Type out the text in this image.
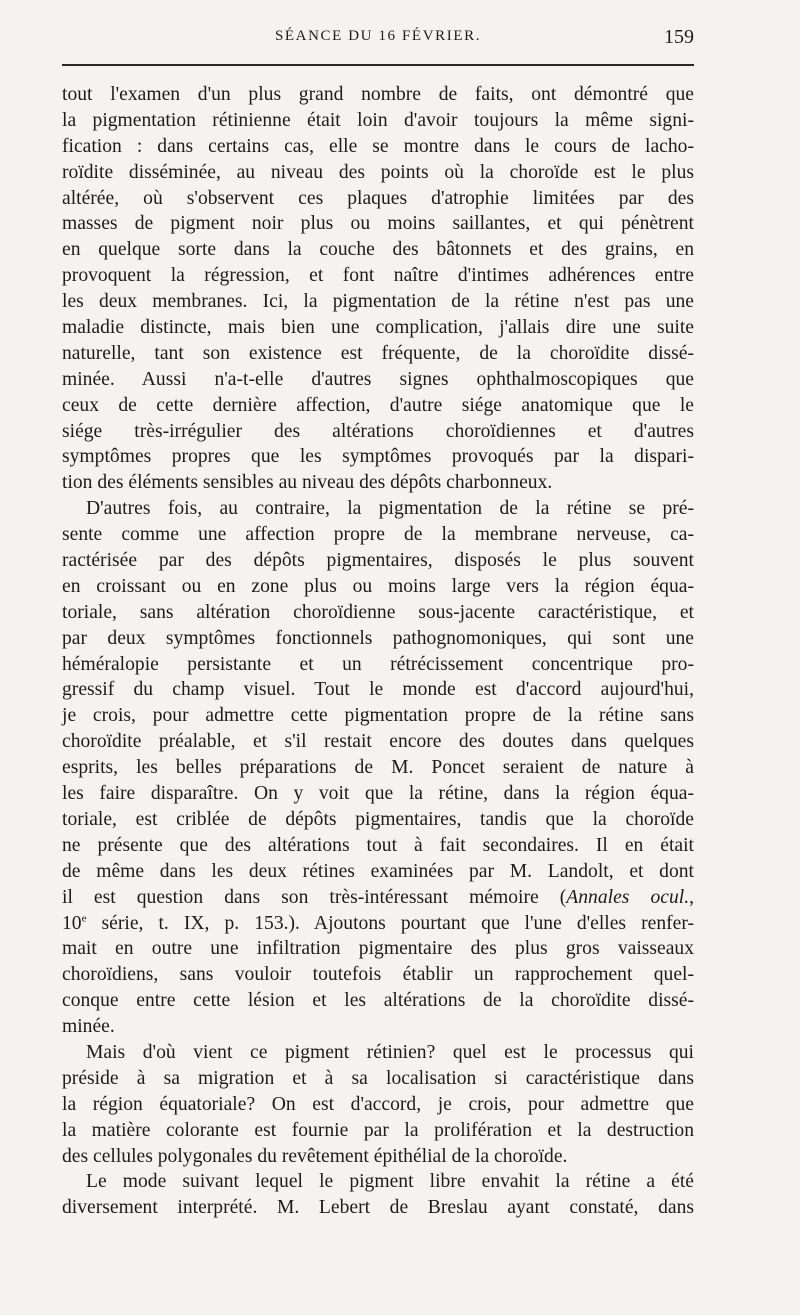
SÉANCE DU 16 FÉVRIER.	159
tout l'examen d'un plus grand nombre de faits, ont démontré que
la pigmentation rétinienne était loin d'avoir toujours la même signi-
fication : dans certains cas, elle se montre dans le cours de lacho-
roïdite disséminée, au niveau des points où la choroïde est le plus
altérée, où s'observent ces plaques d'atrophie limitées par des
masses de pigment noir plus ou moins saillantes, et qui pénètrent
en quelque sorte dans la couche des bâtonnets et des grains, en
provoquent la régression, et font naître d'intimes adhérences entre
les deux membranes. Ici, la pigmentation de la rétine n'est pas une
maladie distincte, mais bien une complication, j'allais dire une suite
naturelle, tant son existence est fréquente, de la choroïdite dissé-
minée. Aussi n'a-t-elle d'autres signes ophthalmoscopiques que
ceux de cette dernière affection, d'autre siége anatomique que le
siége très-irrégulier des altérations choroïdiennes et d'autres
symptômes propres que les symptômes provoqués par la dispari-
tion des éléments sensibles au niveau des dépôts charbonneux.
D'autres fois, au contraire, la pigmentation de la rétine se pré-
sente comme une affection propre de la membrane nerveuse, ca-
ractérisée par des dépôts pigmentaires, disposés le plus souvent
en croissant ou en zone plus ou moins large vers la région équa-
toriale, sans altération choroïdienne sous-jacente caractéristique, et
par deux symptômes fonctionnels pathognomoniques, qui sont une
héméralopie persistante et un rétrécissement concentrique pro-
gressif du champ visuel. Tout le monde est d'accord aujourd'hui,
je crois, pour admettre cette pigmentation propre de la rétine sans
choroïdite préalable, et s'il restait encore des doutes dans quelques
esprits, les belles préparations de M. Poncet seraient de nature à
les faire disparaître. On y voit que la rétine, dans la région équa-
toriale, est criblée de dépôts pigmentaires, tandis que la choroïde
ne présente que des altérations tout à fait secondaires. Il en était
de même dans les deux rétines examinées par M. Landolt, et dont
il est question dans son très-intéressant mémoire (Annales ocul.,
10e série, t. IX, p. 153.). Ajoutons pourtant que l'une d'elles renfer-
mait en outre une infiltration pigmentaire des plus gros vaisseaux
choroïdiens, sans vouloir toutefois établir un rapprochement quel-
conque entre cette lésion et les altérations de la choroïdite dissé-
minée.
Mais d'où vient ce pigment rétinien? quel est le processus qui
préside à sa migration et à sa localisation si caractéristique dans
la région équatoriale? On est d'accord, je crois, pour admettre que
la matière colorante est fournie par la prolifération et la destruction
des cellules polygonales du revêtement épithélial de la choroïde.
Le mode suivant lequel le pigment libre envahit la rétine a été
diversement interprété. M. Lebert de Breslau ayant constaté, dans
